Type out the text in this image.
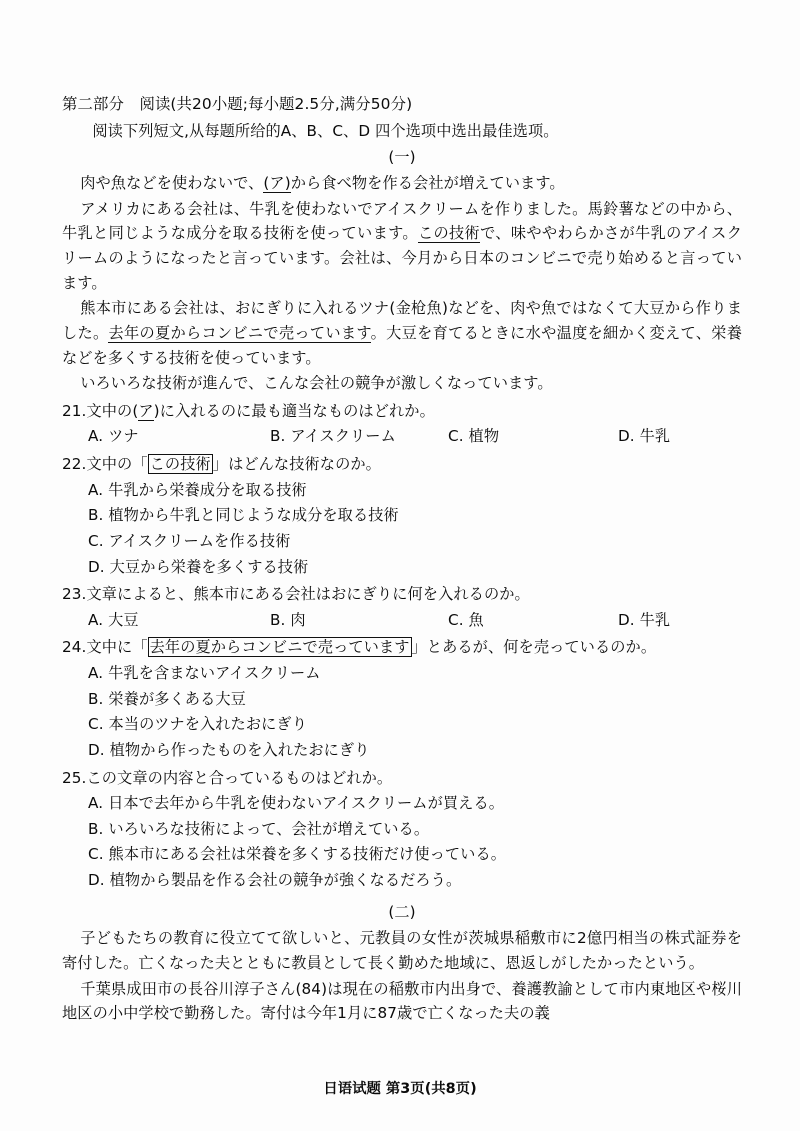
第二部分　阅读(共20小题;每小题2.5分,满分50分)
阅读下列短文,从每题所给的A、B、C、D 四个选项中选出最佳选项。
(一)
肉や魚などを使わないで、(ア)から食べ物を作る会社が増えています。
アメリカにある会社は、牛乳を使わないでアイスクリームを作りました。馬鈴薯などの中から、牛乳と同じような成分を取る技術を使っています。この技術で、味ややわらかさが牛乳のアイスクリームのようになったと言っています。会社は、今月から日本のコンビニで売り始めると言っています。
熊本市にある会社は、おにぎりに入れるツナ(金枪魚)などを、肉や魚ではなくて大豆から作りました。去年の夏からコンビニで売っています。大豆を育てるときに水や温度を細かく変えて、栄養などを多くする技術を使っています。
いろいろな技術が進んで、こんな会社の競争が激しくなっています。
21.文中の(ア)に入れるのに最も適当なものはどれか。
A. ツナ	B. アイスクリーム	C. 植物	D. 牛乳
22.文中の「 この技術 」はどんな技術なのか。
A. 牛乳から栄養成分を取る技術
B. 植物から牛乳と同じような成分を取る技術
C. アイスクリームを作る技術
D. 大豆から栄養を多くする技術
23.文章によると、熊本市にある会社はおにぎりに何を入れるのか。
A. 大豆	B. 肉	C. 魚	D. 牛乳
24.文中に「 去年の夏からコンビニで売っています 」とあるが、何を売っているのか。
A. 牛乳を含まないアイスクリーム
B. 栄養が多くある大豆
C. 本当のツナを入れたおにぎり
D. 植物から作ったものを入れたおにぎり
25.この文章の内容と合っているものはどれか。
A. 日本で去年から牛乳を使わないアイスクリームが買える。
B. いろいろな技術によって、会社が増えている。
C. 熊本市にある会社は栄養を多くする技術だけ使っている。
D. 植物から製品を作る会社の競争が強くなるだろう。
(二)
子どもたちの教育に役立てて欲しいと、元教員の女性が茨城県稲敷市に2億円相当の株式証券を寄付した。亡くなった夫とともに教員として長く勤めた地域に、恩返しがしたかったという。
千葉県成田市の長谷川淳子さん(84)は現在の稲敷市内出身で、養護教諭として市内東地区や桜川地区の小中学校で勤務した。寄付は今年1月に87歳で亡くなった夫の義
日语试题 第3页(共8页)
